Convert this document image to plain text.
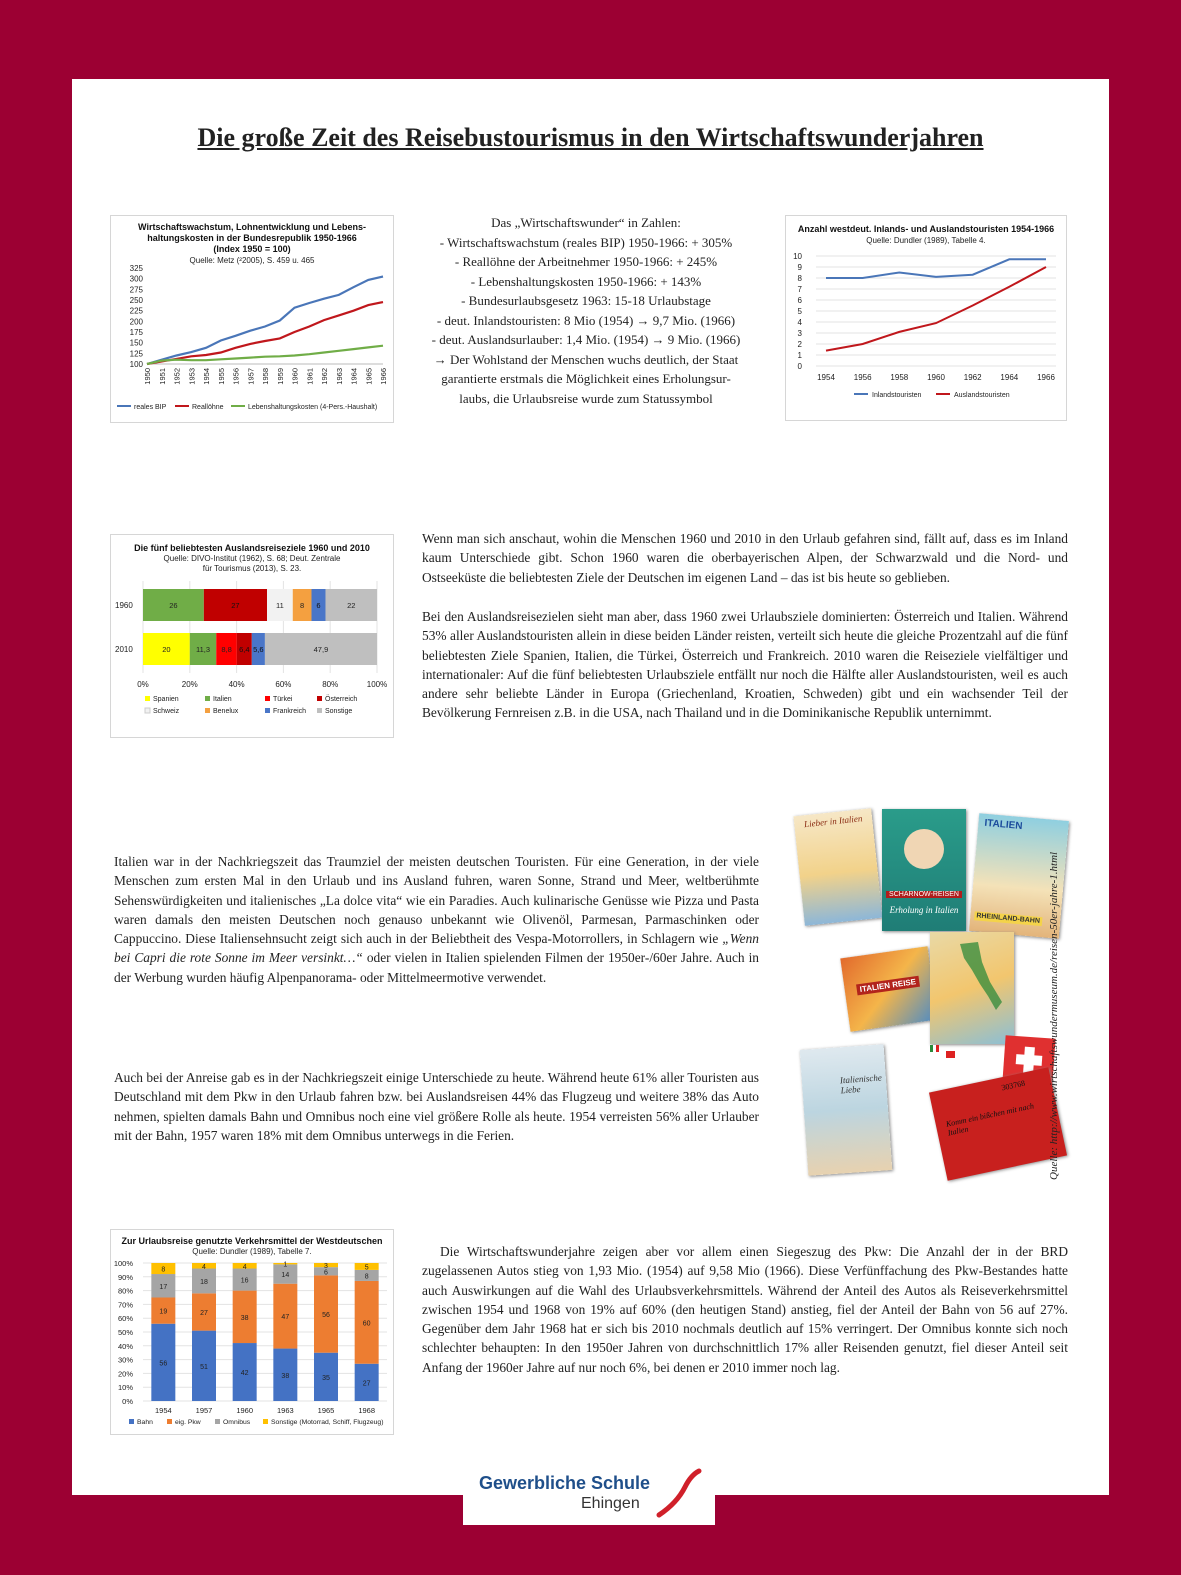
Die große Zeit des Reisebustourismus in den Wirtschaftswunderjahren
Wirtschaftswachstum, Lohnentwicklung und Lebens-
haltungskosten in der Bundesrepublik 1950-1966
(Index 1950 = 100)
Quelle: Metz (²2005), S. 459 u. 465
325
300
275
250
225
200
175
150
125
100
1950 1951 1952 1953 1954 1955 1956 1957 1958 1959 1960 1961 1962 1963 1964 1965 1966
reales BIP	Reallöhne	Lebenshaltungskosten (4-Pers.-Haushalt)
Das „Wirtschaftswunder“ in Zahlen:
- Wirtschaftswachstum (reales BIP) 1950-1966: + 305%
- Reallöhne der Arbeitnehmer 1950-1966: + 245%
- Lebenshaltungskosten 1950-1966: + 143%
- Bundesurlaubsgesetz 1963: 15-18 Urlaubstage
- deut. Inlandstouristen: 8 Mio (1954) → 9,7 Mio. (1966)
- deut. Auslandsurlauber: 1,4 Mio. (1954) → 9 Mio. (1966)
→ Der Wohlstand der Menschen wuchs deutlich, der Staat
garantierte erstmals die Möglichkeit eines Erholungsur-
laubs, die Urlaubsreise wurde zum Statussymbol
Anzahl westdeut. Inlands- und Auslandstouristen 1954-1966
Quelle: Dundler (1989), Tabelle 4.
10
9
8
7
6
5
4
3
2
1
0
1954 1956 1958 1960 1962 1964 1966
Inlandstouristen	Auslandstouristen
Die fünf beliebtesten Auslandsreiseziele 1960 und 2010
Quelle: DIVO-Institut (1962), S. 68; Deut. Zentrale
für Tourismus (2013), S. 23.
0%	20%	40%	60%	80%	100%
1960	26	27	11 8 6	22
2010	20	11,3 8,8 6,4 5,6	47,9
Spanien	Italien	Türkei	Österreich
Schweiz	Benelux	Frankreich	Sonstige
Wenn man sich anschaut, wohin die Menschen 1960 und 2010 in den Urlaub gefahren sind, fällt auf, dass es im Inland kaum Unterschiede gibt. Schon 1960 waren die oberbayerischen Alpen, der Schwarzwald und die Nord- und Ostseeküste die beliebtesten Ziele der Deutschen im eigenen Land – das ist bis heute so geblieben.
Bei den Auslandsreisezielen sieht man aber, dass 1960 zwei Urlaubsziele dominierten: Österreich und Italien. Während 53% aller Auslandstouristen allein in diese beiden Länder reisten, verteilt sich heute die gleiche Prozentzahl auf die fünf beliebtesten Ziele Spanien, Italien, die Türkei, Österreich und Frankreich. 2010 waren die Reiseziele vielfältiger und internationaler: Auf die fünf beliebtesten Urlaubsziele entfällt nur noch die Hälfte aller Auslandstouristen, weil es auch andere sehr beliebte Länder in Europa (Griechenland, Kroatien, Schweden) gibt und ein wachsender Teil der Bevölkerung Fernreisen z.B. in die USA, nach Thailand und in die Dominikanische Republik unternimmt.
Italien war in der Nachkriegszeit das Traumziel der meisten deutschen Touristen. Für eine Generation, in der viele Menschen zum ersten Mal in den Urlaub und ins Ausland fuhren, waren Sonne, Strand und Meer, weltberühmte Sehenswürdigkeiten und italienisches „La dolce vita“ wie ein Paradies. Auch kulinarische Genüsse wie Pizza und Pasta waren damals den meisten Deutschen noch genauso unbekannt wie Olivenöl, Parmesan, Parmaschinken oder Cappuccino. Diese Italiensehnsucht zeigt sich auch in der Beliebtheit des Vespa-Motorrollers, in Schlagern wie „Wenn bei Capri die rote Sonne im Meer versinkt…“ oder vielen in Italien spielenden Filmen der 1950er-/60er Jahre. Auch in der Werbung wurden häufig Alpenpanorama- oder Mittelmeermotive verwendet.
Auch bei der Anreise gab es in der Nachkriegszeit einige Unterschiede zu heute. Während heute 61% aller Touristen aus Deutschland mit dem Pkw in den Urlaub fahren bzw. bei Auslandsreisen 44% das Flugzeug und weitere 38% das Auto nehmen, spielten damals Bahn und Omnibus noch eine viel größere Rolle als heute. 1954 verreisten 56% aller Urlauber mit der Bahn, 1957 waren 18% mit dem Omnibus unterwegs in die Ferien.
Lieber in Italien
SCHARNOW-REISEN
Erholung in Italien
ITALIEN
RHEINLAND-BAHN
ITALIEN REISE
Italienische Liebe	303768
Komm ein bißchen mit nach Italien
Zur Urlaubsreise genutzte Verkehrsmittel der Westdeutschen
Quelle: Dundler (1989), Tabelle 7.
100%
90%
80%
70%
60%
50%
40%
30%
20%
10%
0%
1954
56
19
17
8
1957
51
27
18
4
1960
42
38
16
4
1963
38
47
14
1
1965
35
56
6
3
1968
27
60
8
5
Bahn	eig. Pkw	Omnibus	Sonstige (Motorrad, Schiff, Flugzeug)
Die Wirtschaftswunderjahre zeigen aber vor allem einen Siegeszug des Pkw: Die Anzahl der in der BRD zugelassenen Autos stieg von 1,93 Mio. (1954) auf 9,58 Mio (1966). Diese Verfünffachung des Pkw-Bestandes hatte auch Auswirkungen auf die Wahl des Urlaubsverkehrsmittels. Während der Anteil des Autos als Reiseverkehrsmittel zwischen 1954 und 1968 von 19% auf 60% (den heutigen Stand) anstieg, fiel der Anteil der Bahn von 56 auf 27%. Gegenüber dem Jahr 1968 hat er sich bis 2010 nochmals deutlich auf 15% verringert. Der Omnibus konnte sich noch schlechter behaupten: In den 1950er Jahren von durchschnittlich 17% aller Reisenden genutzt, fiel dieser Anteil seit Anfang der 1960er Jahre auf nur noch 6%, bei denen er 2010 immer noch lag.
Quelle: http://www.wirtschaftswundermuseum.de/reisen-50er-jahre-1.html
Gewerbliche Schule
Ehingen
